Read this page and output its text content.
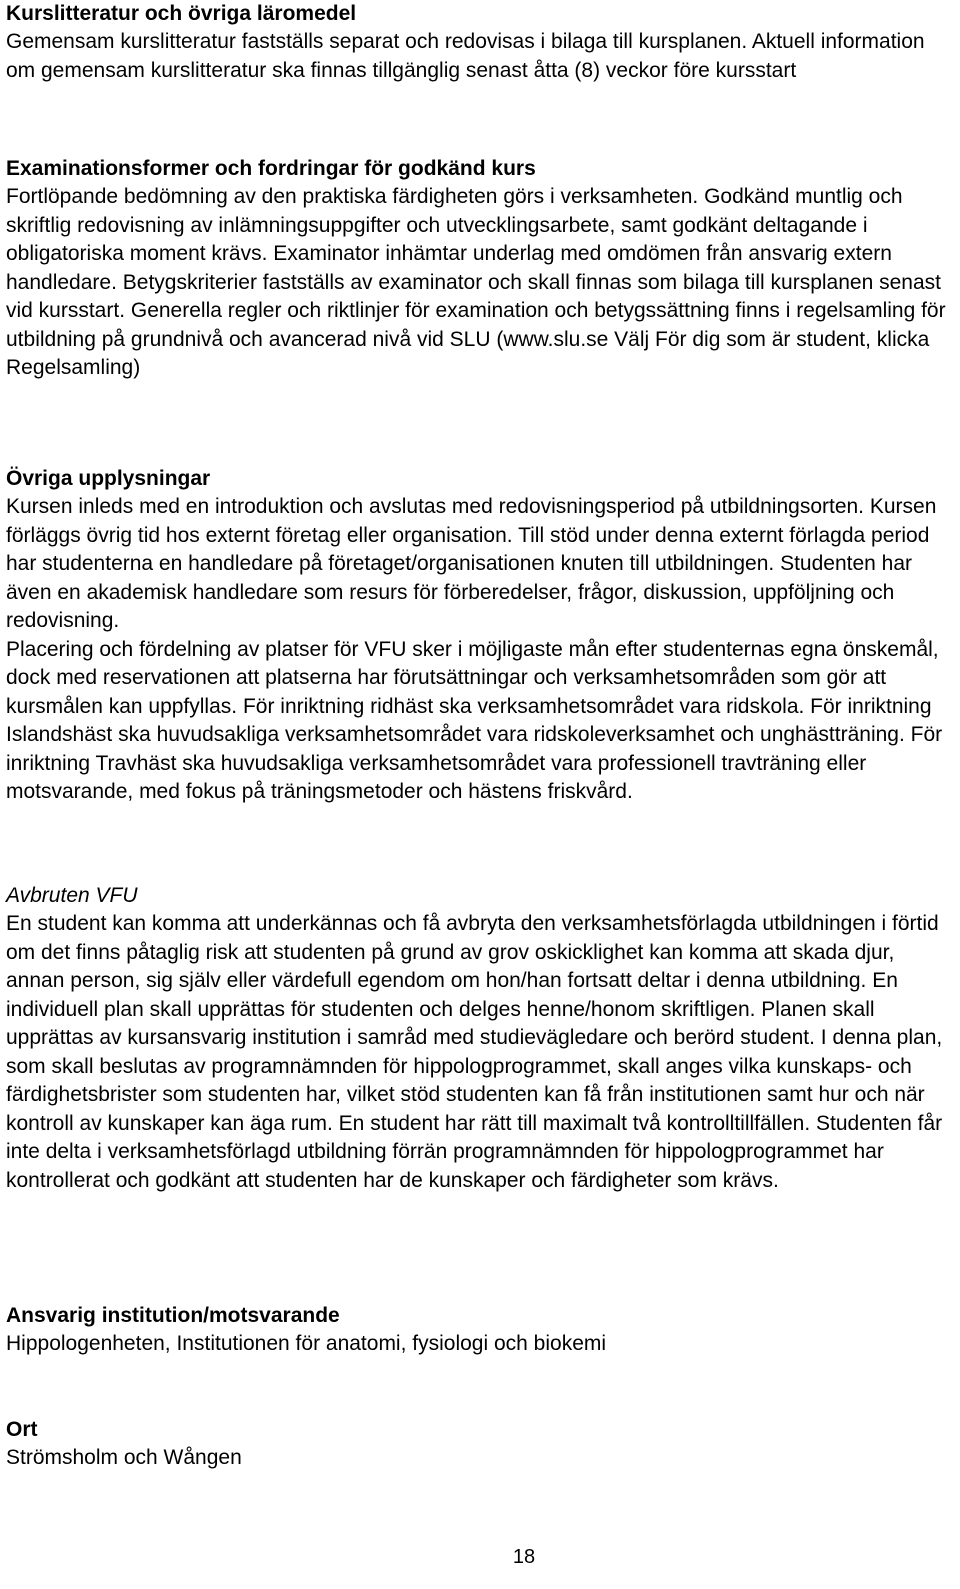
Kurslitteratur och övriga läromedel

Gemensam kurslitteratur fastställs separat och redovisas i bilaga till kursplanen. Aktuell information om gemensam kurslitteratur ska finnas tillgänglig senast åtta (8) veckor före kursstart

Examinationsformer och fordringar för godkänd kurs

Fortlöpande bedömning av den praktiska färdigheten görs i verksamheten. Godkänd muntlig och skriftlig redovisning av inlämningsuppgifter och utvecklingsarbete, samt godkänt deltagande i obligatoriska moment krävs. Examinator inhämtar underlag med omdömen från ansvarig extern handledare. Betygskriterier fastställs av examinator och skall finnas som bilaga till kursplanen senast vid kursstart. Generella regler och riktlinjer för examination och betygssättning finns i regelsamling för utbildning på grundnivå och avancerad nivå vid SLU (www.slu.se Välj För dig som är student, klicka Regelsamling)

Övriga upplysningar

Kursen inleds med en introduktion och avslutas med redovisningsperiod på utbildningsorten. Kursen förläggs övrig tid hos externt företag eller organisation. Till stöd under denna externt förlagda period har studenterna en handledare på företaget/organisationen knuten till utbildningen. Studenten har även en akademisk handledare som resurs för förberedelser, frågor, diskussion, uppföljning och redovisning.

Placering och fördelning av platser för VFU sker i möjligaste mån efter studenternas egna önskemål, dock med reservationen att platserna har förutsättningar och verksamhetsområden som gör att kursmålen kan uppfyllas. För inriktning ridhäst ska verksamhetsområdet vara ridskola. För inriktning Islandshäst ska huvudsakliga verksamhetsområdet vara ridskoleverksamhet och unghästträning. För inriktning Travhäst ska huvudsakliga verksamhetsområdet vara professionell travträning eller motsvarande, med fokus på träningsmetoder och hästens friskvård.

Avbruten VFU

En student kan komma att underkännas och få avbryta den verksamhetsförlagda utbildningen i förtid om det finns påtaglig risk att studenten på grund av grov oskicklighet kan komma att skada djur, annan person, sig själv eller värdefull egendom om hon/han fortsatt deltar i denna utbildning. En individuell plan skall upprättas för studenten och delges henne/honom skriftligen. Planen skall upprättas av kursansvarig institution i samråd med studievägledare och berörd student. I denna plan, som skall beslutas av programnämnden för hippologprogrammet, skall anges vilka kunskaps- och färdighetsbrister som studenten har, vilket stöd studenten kan få från institutionen samt hur och när kontroll av kunskaper kan äga rum. En student har rätt till maximalt två kontrolltillfällen. Studenten får inte delta i verksamhetsförlagd utbildning förrän programnämnden för hippologprogrammet har kontrollerat och godkänt att studenten har de kunskaper och färdigheter som krävs.

Ansvarig institution/motsvarande

Hippologenheten, Institutionen för anatomi, fysiologi och biokemi

Ort

Strömsholm och Wången

18
